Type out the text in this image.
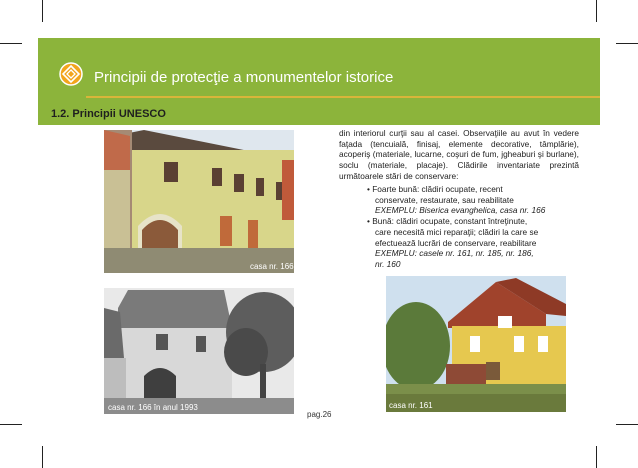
Principii de protecţie a monumentelor istorice
1.2. Principii UNESCO
casa nr. 166
casa nr. 166 în anul 1993	casa nr. 161
din interiorul curţii sau al casei. Observaţiile au avut în vedere faţada (tencuială, finisaj, elemente decorative, tâmplărie), acoperiş (materiale, lucarne, coşuri de fum, jgheaburi şi burlane), soclu (materiale, placaje). Clădirile inventariate prezintă următoarele stări de conservare:
• Foarte bună: clădiri ocupate, recent
conservate, restaurate, sau reabilitate
EXEMPLU: Biserica evanghelica, casa nr. 166
• Bună: clădiri ocupate, constant întreţinute,
care necesită mici reparaţii; clădiri la care se
efectuează lucrări de conservare, reabilitare
EXEMPLU: casele nr. 161, nr. 185, nr. 186,
nr. 160
pag.26
